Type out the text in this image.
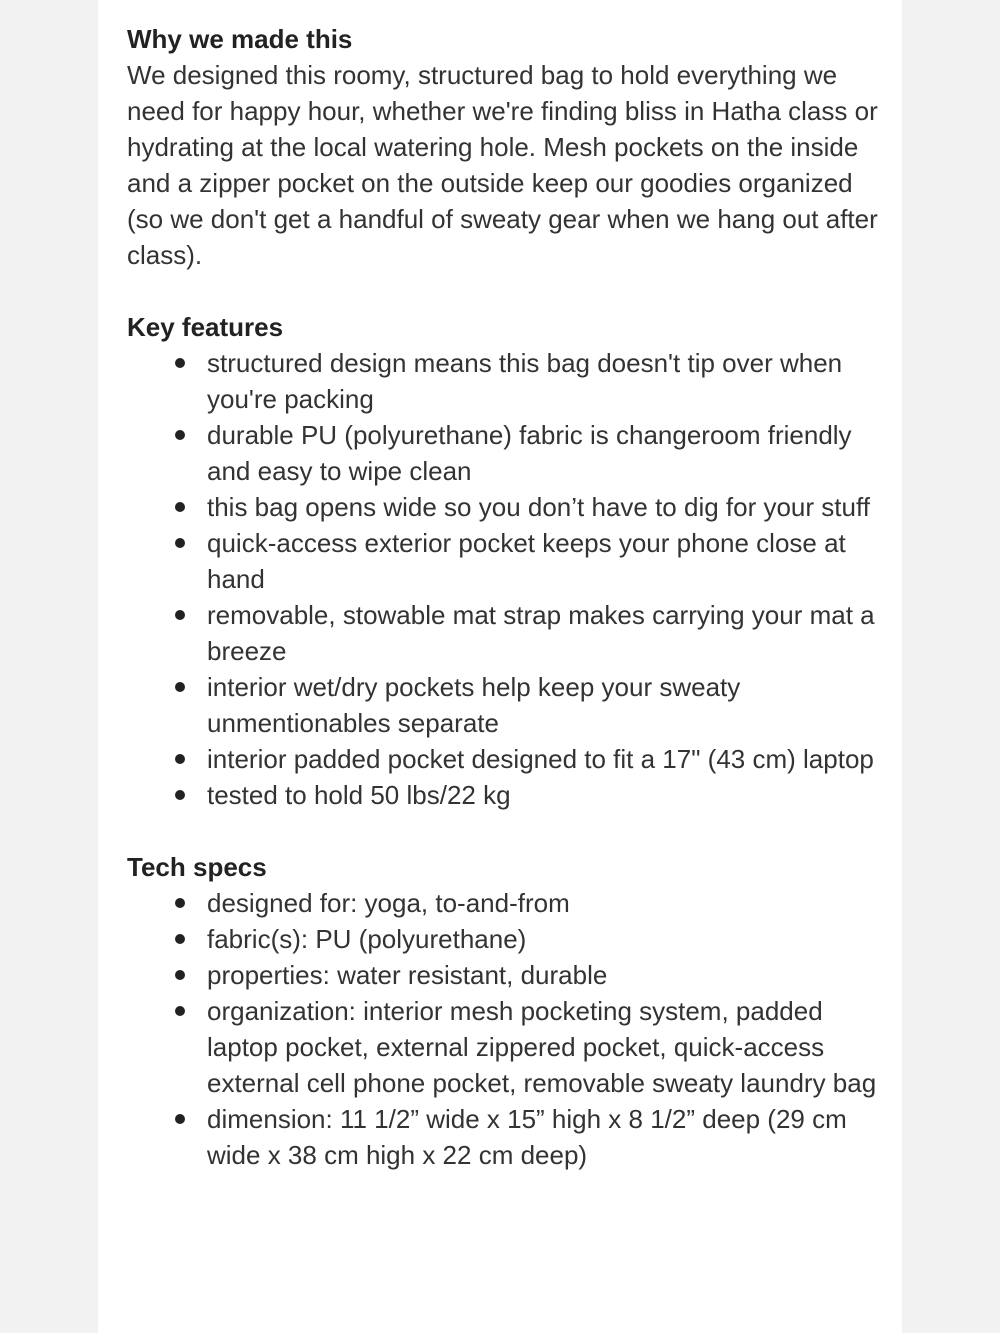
Why we made this
We designed this roomy, structured bag to hold everything we need for happy hour, whether we're finding bliss in Hatha class or hydrating at the local watering hole. Mesh pockets on the inside and a zipper pocket on the outside keep our goodies organized (so we don't get a handful of sweaty gear when we hang out after class).
Key features
structured design means this bag doesn't tip over when you're packing
durable PU (polyurethane) fabric is changeroom friendly and easy to wipe clean
this bag opens wide so you don’t have to dig for your stuff
quick-access exterior pocket keeps your phone close at hand
removable, stowable mat strap makes carrying your mat a breeze
interior wet/dry pockets help keep your sweaty unmentionables separate
interior padded pocket designed to fit a 17" (43 cm) laptop
tested to hold 50 lbs/22 kg
Tech specs
designed for: yoga, to-and-from
fabric(s): PU (polyurethane)
properties: water resistant, durable
organization: interior mesh pocketing system, padded laptop pocket, external zippered pocket, quick-access external cell phone pocket, removable sweaty laundry bag
dimension: 11 1/2” wide x 15” high x 8 1/2” deep (29 cm wide x 38 cm high x 22 cm deep)
